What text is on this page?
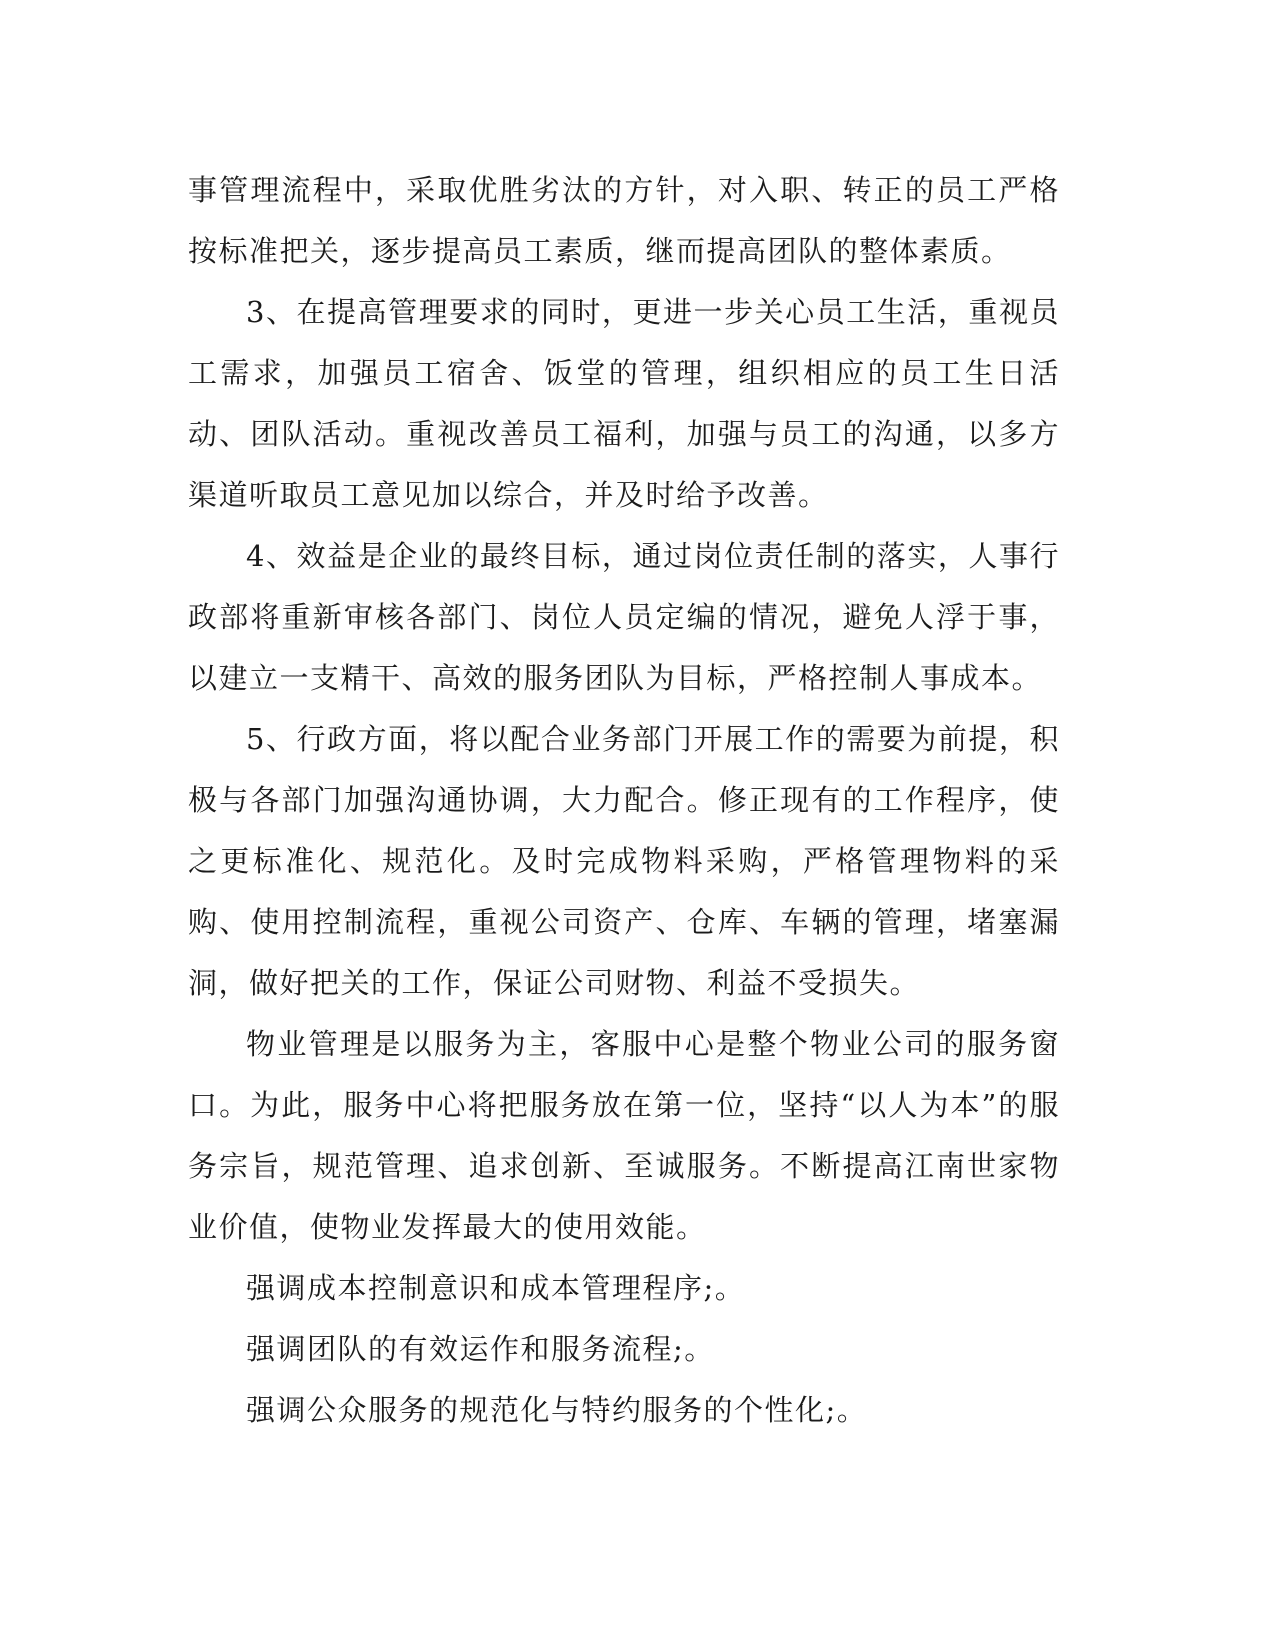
事管理流程中，采取优胜劣汰的方针，对入职、转正的员工严格按标准把关，逐步提高员工素质，继而提高团队的整体素质。

3、在提高管理要求的同时，更进一步关心员工生活，重视员工需求，加强员工宿舍、饭堂的管理，组织相应的员工生日活动、团队活动。重视改善员工福利，加强与员工的沟通，以多方渠道听取员工意见加以综合，并及时给予改善。

4、效益是企业的最终目标，通过岗位责任制的落实，人事行政部将重新审核各部门、岗位人员定编的情况，避免人浮于事，以建立一支精干、高效的服务团队为目标，严格控制人事成本。

5、行政方面，将以配合业务部门开展工作的需要为前提，积极与各部门加强沟通协调，大力配合。修正现有的工作程序，使之更标准化、规范化。及时完成物料采购，严格管理物料的采购、使用控制流程，重视公司资产、仓库、车辆的管理，堵塞漏洞，做好把关的工作，保证公司财物、利益不受损失。

物业管理是以服务为主，客服中心是整个物业公司的服务窗口。为此，服务中心将把服务放在第一位，坚持“以人为本”的服务宗旨，规范管理、追求创新、至诚服务。不断提高江南世家物业价值，使物业发挥最大的使用效能。

强调成本控制意识和成本管理程序;。

强调团队的有效运作和服务流程;。

强调公众服务的规范化与特约服务的个性化;。
